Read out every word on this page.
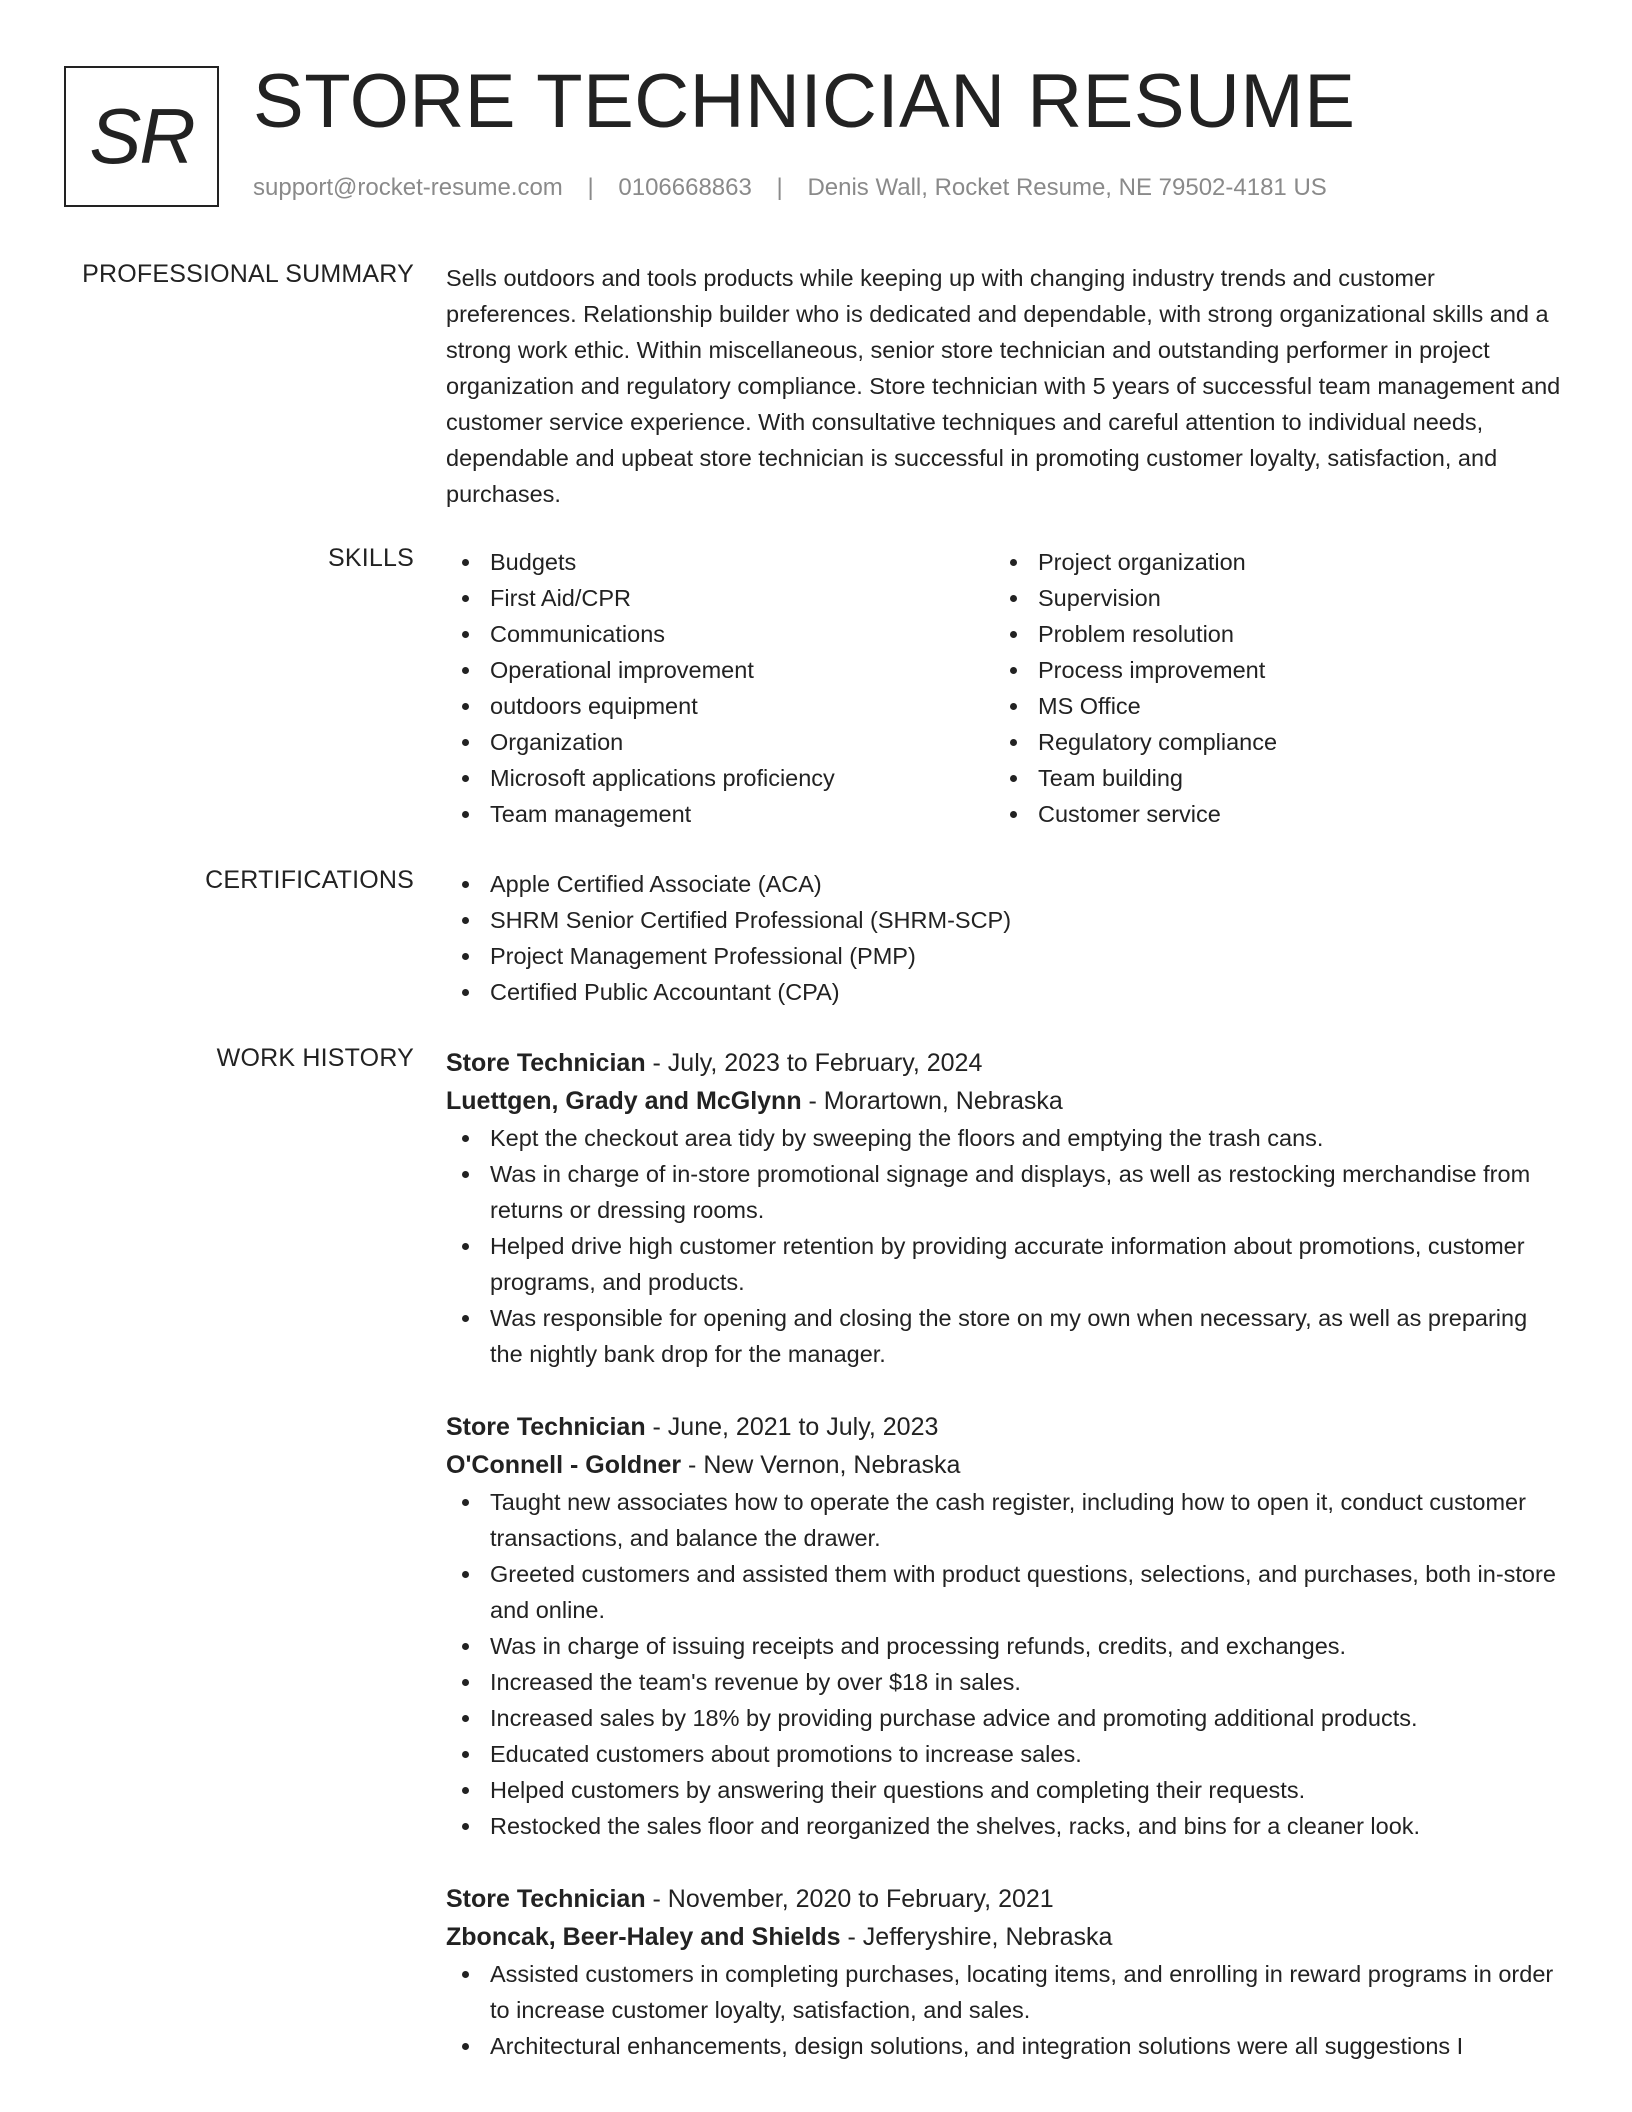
SR STORE TECHNICIAN RESUME
support@rocket-resume.com | 0106668863 | Denis Wall, Rocket Resume, NE 79502-4181 US
PROFESSIONAL SUMMARY Sells outdoors and tools products while keeping up with changing industry trends and customer preferences. Relationship builder who is dedicated and dependable, with strong organizational skills and a strong work ethic. Within miscellaneous, senior store technician and outstanding performer in project organization and regulatory compliance. Store technician with 5 years of successful team management and customer service experience. With consultative techniques and careful attention to individual needs, dependable and upbeat store technician is successful in promoting customer loyalty, satisfaction, and purchases.

SKILLS	Budgets
First Aid/CPR
Communications
Operational improvement
outdoors equipment
Organization
Microsoft applications proficiency
Team management
Project organization
Supervision
Problem resolution
Process improvement
MS Office
Regulatory compliance
Team building
Customer service
CERTIFICATIONS	Apple Certified Associate (ACA)
SHRM Senior Certified Professional (SHRM-SCP)
Project Management Professional (PMP)
Certified Public Accountant (CPA)
WORK HISTORY Store Technician - July, 2023 to February, 2024
Luettgen, Grady and McGlynn - Morartown, Nebraska
Kept the checkout area tidy by sweeping the floors and emptying the trash cans.
Was in charge of in-store promotional signage and displays, as well as restocking merchandise from returns or dressing rooms.
Helped drive high customer retention by providing accurate information about promotions, customer programs, and products.
Was responsible for opening and closing the store on my own when necessary, as well as preparing the nightly bank drop for the manager.
Store Technician - June, 2021 to July, 2023
O'Connell - Goldner - New Vernon, Nebraska
Taught new associates how to operate the cash register, including how to open it, conduct customer transactions, and balance the drawer.
Greeted customers and assisted them with product questions, selections, and purchases, both in-store and online.
Was in charge of issuing receipts and processing refunds, credits, and exchanges.
Increased the team's revenue by over $18 in sales.
Increased sales by 18% by providing purchase advice and promoting additional products.
Educated customers about promotions to increase sales.
Helped customers by answering their questions and completing their requests.
Restocked the sales floor and reorganized the shelves, racks, and bins for a cleaner look.
Store Technician - November, 2020 to February, 2021
Zboncak, Beer-Haley and Shields - Jefferyshire, Nebraska
Assisted customers in completing purchases, locating items, and enrolling in reward programs in order to increase customer loyalty, satisfaction, and sales.
Architectural enhancements, design solutions, and integration solutions were all suggestions I
